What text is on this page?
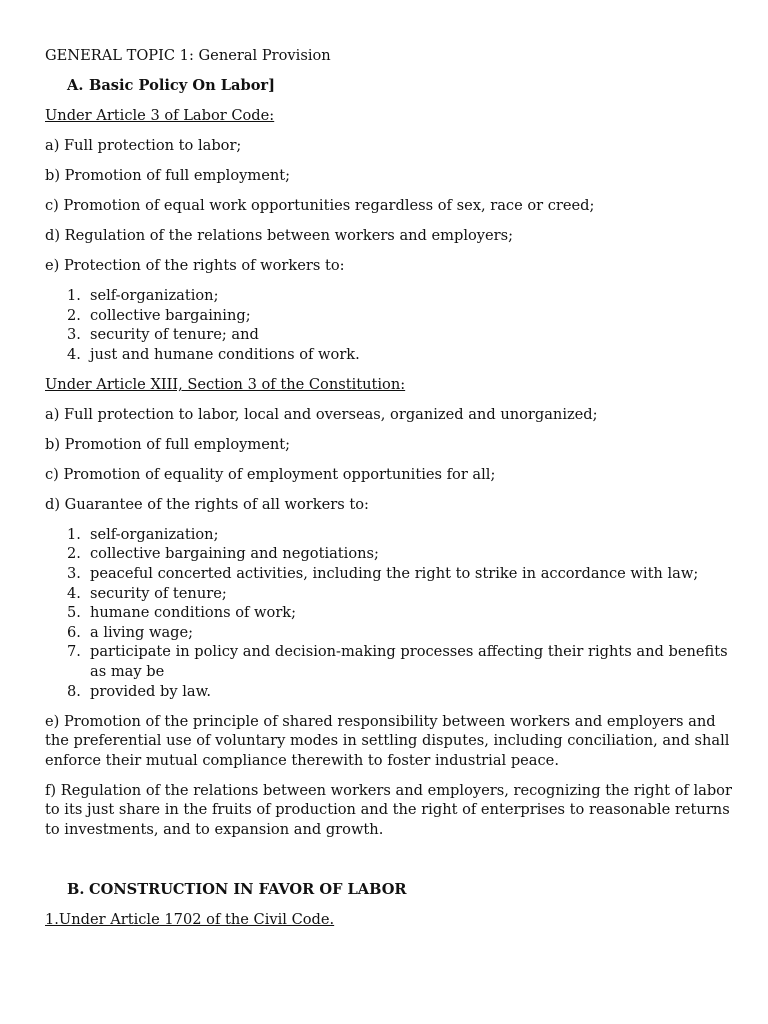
GENERAL TOPIC 1: General Provision

A. Basic Policy On Labor]

Under Article 3 of Labor Code:

a) Full protection to labor;

b) Promotion of full employment;

c) Promotion of equal work opportunities regardless of sex, race or creed;

d) Regulation of the relations between workers and employers;

e) Protection of the rights of workers to:

1. self-organization;
2. collective bargaining;
3. security of tenure; and
4. just and humane conditions of work.

Under Article XIII, Section 3 of the Constitution:

a) Full protection to labor, local and overseas, organized and unorganized;

b) Promotion of full employment;

c) Promotion of equality of employment opportunities for all;

d) Guarantee of the rights of all workers to:

1. self-organization;
2. collective bargaining and negotiations;
3. peaceful concerted activities, including the right to strike in accordance with law;
4. security of tenure;
5. humane conditions of work;
6. a living wage;
7. participate in policy and decision-making processes affecting their rights and benefits as may be
8. provided by law.

e) Promotion of the principle of shared responsibility between workers and employers and the preferential use of voluntary modes in settling disputes, including conciliation, and shall enforce their mutual compliance therewith to foster industrial peace.

f) Regulation of the relations between workers and employers, recognizing the right of labor to its just share in the fruits of production and the right of enterprises to reasonable returns to investments, and to expansion and growth.

B. CONSTRUCTION IN FAVOR OF LABOR

1.Under Article 1702 of the Civil Code.
